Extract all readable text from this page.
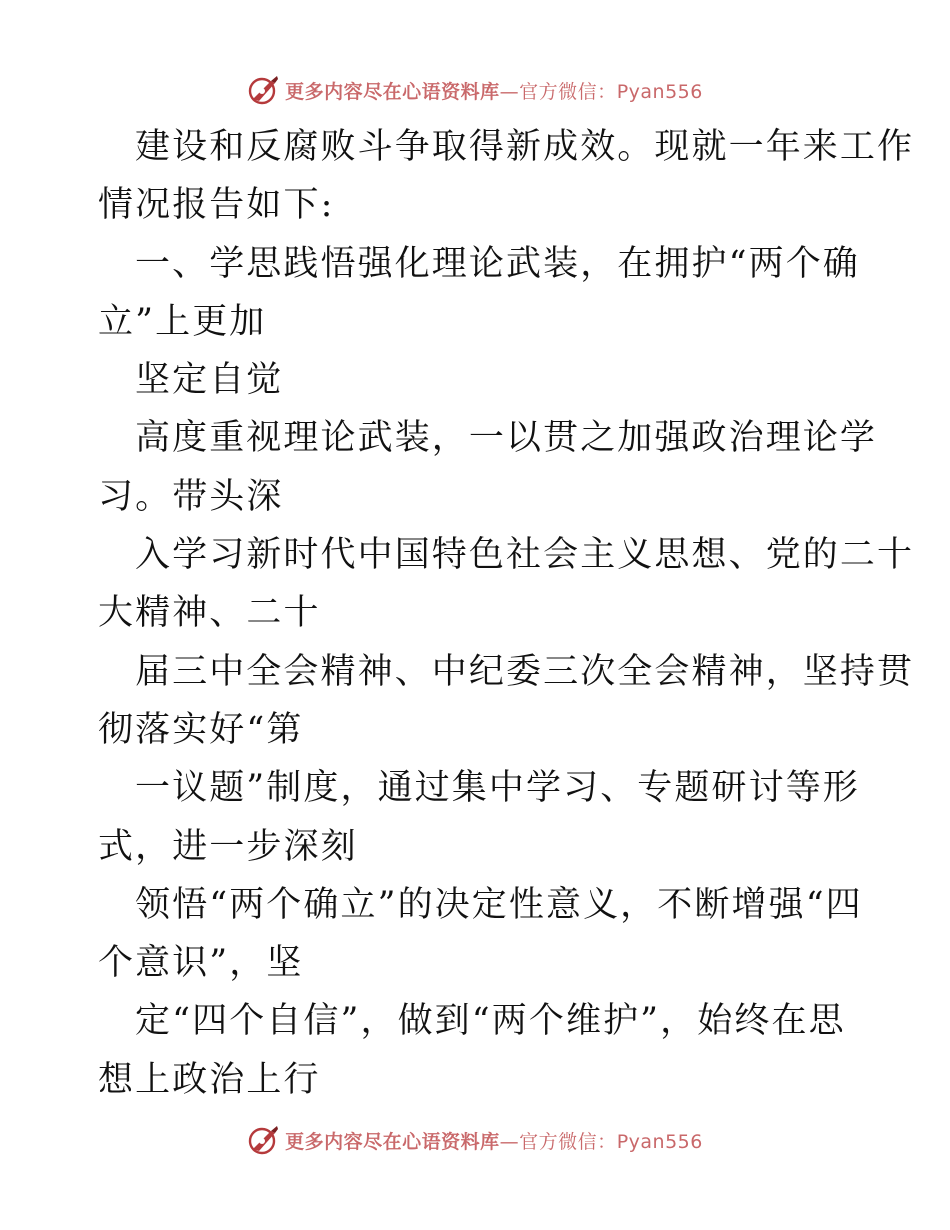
更多内容尽在心语资料库—官方微信：Pyan556
建设和反腐败斗争取得新成效。现就一年来工作
情况报告如下:
一、学思践悟强化理论武装，在拥护“两个确
立”上更加
坚定自觉
高度重视理论武装，一以贯之加强政治理论学
习。带头深
入学习新时代中国特色社会主义思想、党的二十
大精神、二十
届三中全会精神、中纪委三次全会精神，坚持贯
彻落实好“第
一议题”制度，通过集中学习、专题研讨等形
式，进一步深刻
领悟“两个确立”的决定性意义，不断增强“四
个意识”，坚
定“四个自信”，做到“两个维护”，始终在思
想上政治上行
更多内容尽在心语资料库—官方微信：Pyan556
